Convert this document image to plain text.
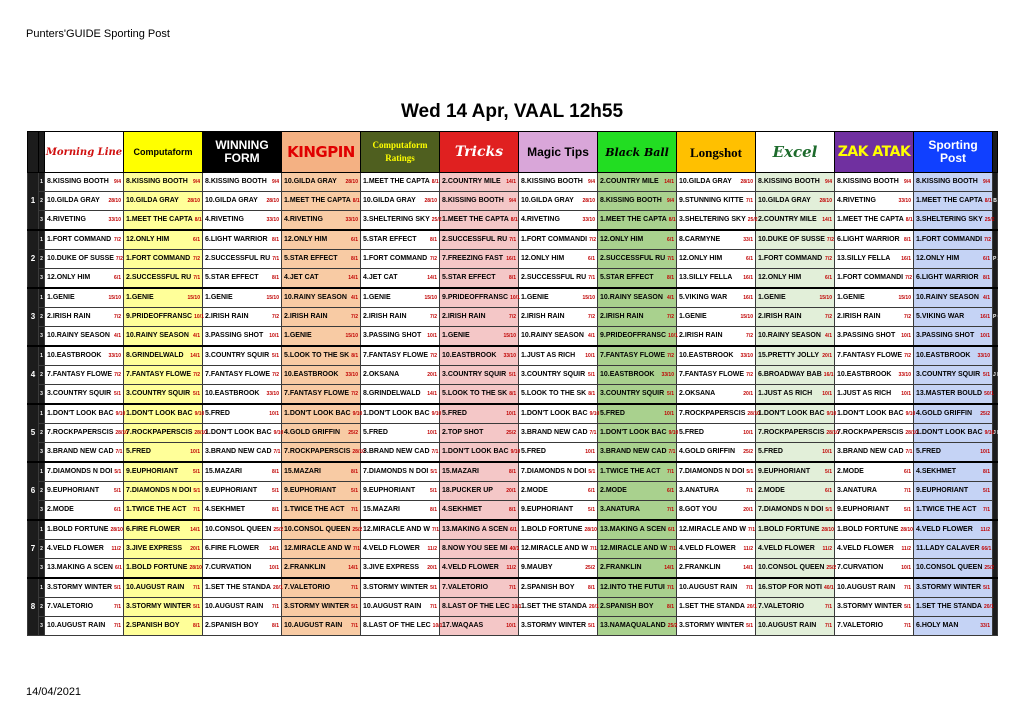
Punters'GUIDE Sporting Post
Wed 14 Apr, VAAL 12h55
		Morning Line	Computaform	WINNING FORM	KINGPIN	Computaform Ratings	Tricks	Magic Tips	Black Ball	Longshot	Excel	ZAK ATAK	Sporting Post	
1	1	8.KISSING BOOTH 9/4	8.KISSING BOOTH 9/4	8.KISSING BOOTH 9/4	10.GILDA GRAY 28/10	1.MEET THE CAPTA 8/1	2.COUNTRY MILE 14/1	8.KISSING BOOTH 9/4	2.COUNTRY MILE 14/1	10.GILDA GRAY 28/10	8.KISSING BOOTH 9/4	8.KISSING BOOTH 9/4	8.KISSING BOOTH 9/4	B
	2	10.GILDA GRAY 28/10	10.GILDA GRAY 28/10	10.GILDA GRAY 28/10	1.MEET THE CAPTA 8/1	10.GILDA GRAY 28/10	8.KISSING BOOTH 9/4	10.GILDA GRAY 28/10	8.KISSING BOOTH 9/4	9.STUNNING KITTE 7/1	10.GILDA GRAY 28/10	4.RIVETING 33/10	1.MEET THE CAPTA 8/1	

	3	4.RIVETING 33/10	1.MEET THE CAPTA 8/1	4.RIVETING 33/10	4.RIVETING 33/10	3.SHELTERING SKY 25/2	1.MEET THE CAPTA 8/1	4.RIVETING 33/10	1.MEET THE CAPTA 8/1	3.SHELTERING SKY 25/2	2.COUNTRY MILE 14/1	1.MEET THE CAPTA 8/1	3.SHELTERING SKY 25/2	

2	1	1.FORT COMMAND 7/2	12.ONLY HIM 6/1	6.LIGHT WARRIOR 8/1	12.ONLY HIM 6/1	5.STAR EFFECT 8/1	2.SUCCESSFUL RU 7/1	1.FORT COMMANDI 7/2	12.ONLY HIM 6/1	8.CARMYNE 33/1	10.DUKE OF SUSSE 7/2	6.LIGHT WARRIOR 8/1	1.FORT COMMANDI 7/2	P A
	2	10.DUKE OF SUSSE 7/2	1.FORT COMMAND 7/2	2.SUCCESSFUL RU 7/1	5.STAR EFFECT 8/1	1.FORT COMMAND 7/2	7.FREEZING FAST 16/1	12.ONLY HIM 6/1	2.SUCCESSFUL RU 7/1	12.ONLY HIM 6/1	1.FORT COMMAND 7/2	13.SILLY FELLA 16/1	12.ONLY HIM 6/1	

	3	12.ONLY HIM 6/1	2.SUCCESSFUL RU 7/1	5.STAR EFFECT 8/1	4.JET CAT 14/1	4.JET CAT 14/1	5.STAR EFFECT 8/1	2.SUCCESSFUL RU 7/1	5.STAR EFFECT 8/1	13.SILLY FELLA 16/1	12.ONLY HIM 6/1	1.FORT COMMANDI 7/2	6.LIGHT WARRIOR 8/1	

3	1	1.GENIE 15/10	1.GENIE 15/10	1.GENIE 15/10	10.RAINY SEASON 4/1	1.GENIE 15/10	9.PRIDEOFFRANSC 10/1	1.GENIE 15/10	10.RAINY SEASON 4/1	5.VIKING WAR 16/1	1.GENIE 15/10	1.GENIE 15/10	10.RAINY SEASON 4/1	P 6
	2	2.IRISH RAIN 7/2	9.PRIDEOFFRANSC 10/1	2.IRISH RAIN 7/2	2.IRISH RAIN 7/2	2.IRISH RAIN 7/2	2.IRISH RAIN 7/2	2.IRISH RAIN 7/2	2.IRISH RAIN 7/2	1.GENIE 15/10	2.IRISH RAIN 7/2	2.IRISH RAIN 7/2	5.VIKING WAR 16/1	

	3	10.RAINY SEASON 4/1	10.RAINY SEASON 4/1	3.PASSING SHOT 10/1	1.GENIE 15/10	3.PASSING SHOT 10/1	1.GENIE 15/10	10.RAINY SEASON 4/1	9.PRIDEOFFRANSC 10/1	2.IRISH RAIN 7/2	10.RAINY SEASON 4/1	3.PASSING SHOT 10/1	3.PASSING SHOT 10/1	

4	1	10.EASTBROOK 33/10	8.GRINDELWALD 14/1	3.COUNTRY SQUIR 5/1	5.LOOK TO THE SK 8/1	7.FANTASY FLOWE 7/2	10.EASTBROOK 33/10	1.JUST AS RICH 10/1	7.FANTASY FLOWE 7/2	10.EASTBROOK 33/10	15.PRETTY JOLLY 20/1	7.FANTASY FLOWE 7/2	10.EASTBROOK 33/10	J P 1
	2	7.FANTASY FLOWE 7/2	7.FANTASY FLOWE 7/2	7.FANTASY FLOWE 7/2	10.EASTBROOK 33/10	2.OKSANA 20/1	3.COUNTRY SQUIR 5/1	3.COUNTRY SQUIR 5/1	10.EASTBROOK 33/10	7.FANTASY FLOWE 7/2	6.BROADWAY BAB 16/1	10.EASTBROOK 33/10	3.COUNTRY SQUIR 5/1	

	3	3.COUNTRY SQUIR 5/1	3.COUNTRY SQUIR 5/1	10.EASTBROOK 33/10	7.FANTASY FLOWE 7/2	8.GRINDELWALD 14/1	5.LOOK TO THE SK 8/1	5.LOOK TO THE SK 8/1	3.COUNTRY SQUIR 5/1	2.OKSANA 20/1	1.JUST AS RICH 10/1	1.JUST AS RICH 10/1	13.MASTER BOULD 50/1	

5	1	1.DON'T LOOK BAC 9/10	1.DON'T LOOK BAC 9/10	5.FRED 10/1	1.DON'T LOOK BAC 9/10	1.DON'T LOOK BAC 9/10	5.FRED 10/1	1.DON'T LOOK BAC 9/10	5.FRED 10/1	7.ROCKPAPERSCIS 28/10	1.DON'T LOOK BAC 9/10	1.DON'T LOOK BAC 9/10	4.GOLD GRIFFIN 25/2	J P 2
	2	7.ROCKPAPERSCIS 28/10	7.ROCKPAPERSCIS 28/10	1.DON'T LOOK BAC 9/10	4.GOLD GRIFFIN 25/2	5.FRED 10/1	2.TOP SHOT 25/2	3.BRAND NEW CAD 7/1	1.DON'T LOOK BAC 9/10	5.FRED 10/1	7.ROCKPAPERSCIS 28/10	7.ROCKPAPERSCIS 28/10	1.DON'T LOOK BAC 9/10	

	3	3.BRAND NEW CAD 7/1	5.FRED 10/1	3.BRAND NEW CAD 7/1	7.ROCKPAPERSCIS 28/10	3.BRAND NEW CAD 7/1	1.DON'T LOOK BAC 9/10	5.FRED 10/1	3.BRAND NEW CAD 7/1	4.GOLD GRIFFIN 25/2	5.FRED 10/1	3.BRAND NEW CAD 7/1	5.FRED 10/1	

6	1	7.DIAMONDS N DOI 5/1	9.EUPHORIANT 5/1	15.MAZARI 8/1	15.MAZARI 8/1	7.DIAMONDS N DOI 5/1	15.MAZARI 8/1	7.DIAMONDS N DOI 5/1	1.TWICE THE ACT 7/1	7.DIAMONDS N DOI 5/1	9.EUPHORIANT 5/1	2.MODE 6/1	4.SEKHMET 8/1	

	2	9.EUPHORIANT 5/1	7.DIAMONDS N DOI 5/1	9.EUPHORIANT 5/1	9.EUPHORIANT 5/1	9.EUPHORIANT 5/1	18.PUCKER UP 20/1	2.MODE 6/1	2.MODE 6/1	3.ANATURA 7/1	2.MODE 6/1	3.ANATURA 7/1	9.EUPHORIANT 5/1	

	3	2.MODE 6/1	1.TWICE THE ACT 7/1	4.SEKHMET 8/1	1.TWICE THE ACT 7/1	15.MAZARI 8/1	4.SEKHMET 8/1	9.EUPHORIANT 5/1	3.ANATURA 7/1	8.GOT YOU 20/1	7.DIAMONDS N DOI 5/1	9.EUPHORIANT 5/1	1.TWICE THE ACT 7/1	

7	1	1.BOLD FORTUNE 28/10	6.FIRE FLOWER 14/1	10.CONSOL QUEEN 25/2	10.CONSOL QUEEN 25/2	12.MIRACLE AND W 7/1	13.MAKING A SCEN 6/1	1.BOLD FORTUNE 28/10	13.MAKING A SCEN 6/1	12.MIRACLE AND W 7/1	1.BOLD FORTUNE 28/10	1.BOLD FORTUNE 28/10	4.VELD FLOWER 11/2	

	2	4.VELD FLOWER 11/2	3.JIVE EXPRESS 20/1	6.FIRE FLOWER 14/1	12.MIRACLE AND W 7/1	4.VELD FLOWER 11/2	8.NOW YOU SEE MI 40/1	12.MIRACLE AND W 7/1	12.MIRACLE AND W 7/1	4.VELD FLOWER 11/2	4.VELD FLOWER 11/2	4.VELD FLOWER 11/2	11.LADY CALAVER 66/1	

	3	13.MAKING A SCEN 6/1	1.BOLD FORTUNE 28/10	7.CURVATION 10/1	2.FRANKLIN 14/1	3.JIVE EXPRESS 20/1	4.VELD FLOWER 11/2	9.MAUBY 25/2	2.FRANKLIN 14/1	2.FRANKLIN 14/1	10.CONSOL QUEEN 25/2	7.CURVATION 10/1	10.CONSOL QUEEN 25/2	

8	1	3.STORMY WINTER 5/1	10.AUGUST RAIN 7/1	1.SET THE STANDA 20/1	7.VALETORIO 7/1	3.STORMY WINTER 5/1	7.VALETORIO 7/1	2.SPANISH BOY 8/1	12.INTO THE FUTUI 7/1	10.AUGUST RAIN 7/1	16.STOP FOR NOTI 40/1	10.AUGUST RAIN 7/1	3.STORMY WINTER 5/1	

	2	7.VALETORIO 7/1	3.STORMY WINTER 5/1	10.AUGUST RAIN 7/1	3.STORMY WINTER 5/1	10.AUGUST RAIN 7/1	8.LAST OF THE LEC 10/1	1.SET THE STANDA 20/1	2.SPANISH BOY 8/1	1.SET THE STANDA 20/1	7.VALETORIO 7/1	3.STORMY WINTER 5/1	1.SET THE STANDA 20/1	

	3	10.AUGUST RAIN 7/1	2.SPANISH BOY 8/1	2.SPANISH BOY 8/1	10.AUGUST RAIN 7/1	8.LAST OF THE LEC 10/1	17.WAQAAS 10/1	3.STORMY WINTER 5/1	13.NAMAQUALAND 25/2	3.STORMY WINTER 5/1	10.AUGUST RAIN 7/1	7.VALETORIO 7/1	6.HOLY MAN 33/1	
14/04/2021
